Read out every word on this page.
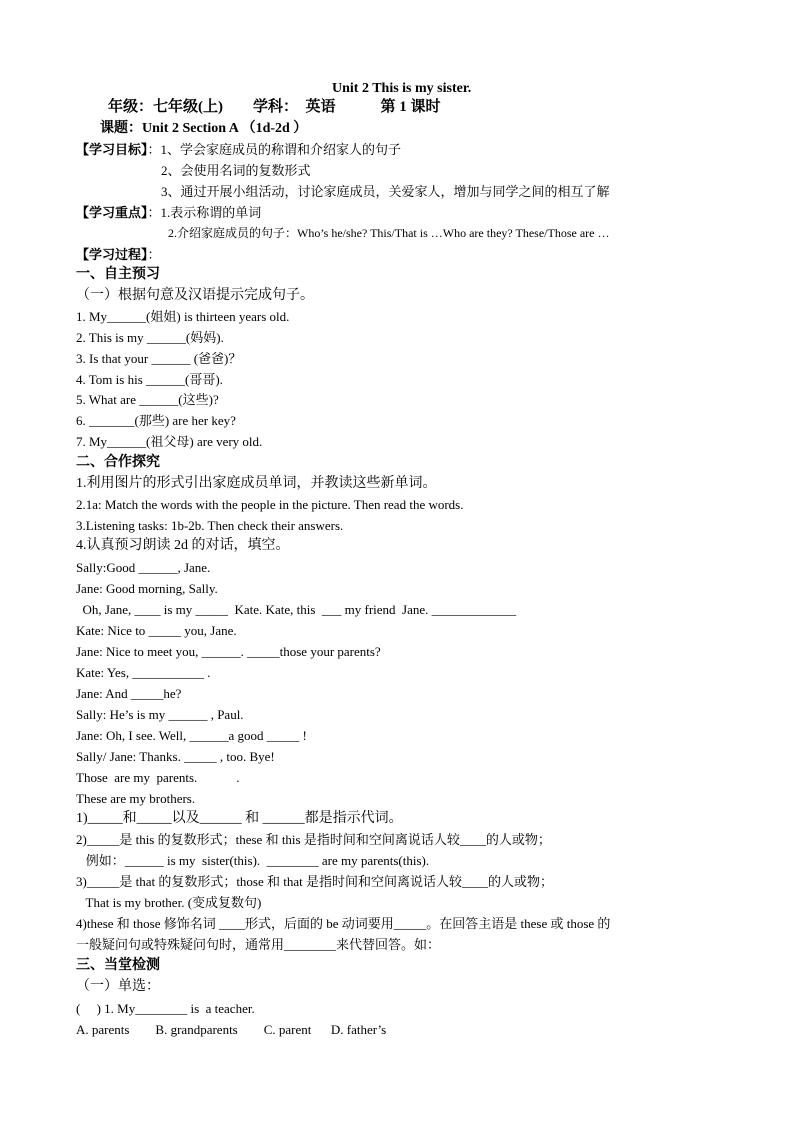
Unit 2 This is my sister.
年级：七年级(上)        学科：  英语            第 1 课时
课题：Unit 2 Section A （1d-2d ）
【学习目标】：1、学会家庭成员的称谓和介绍家人的句子
2、会使用名词的复数形式
3、通过开展小组活动，讨论家庭成员，关爱家人，增加与同学之间的相互了解
【学习重点】：1.表示称谓的单词
2.介绍家庭成员的句子：Who’s he/she? This/That is …Who are they? These/Those are …
【学习过程】：
一、自主预习
（一）根据句意及汉语提示完成句子。
1. My______(姐姐) is thirteen years old.
2. This is my ______(妈妈).
3. Is that your ______ (爸爸)？
4. Tom is his ______(哥哥).
5. What are ______(这些)?
6. _______(那些) are her key?
7. My______(祖父母) are very old.
二、合作探究
1.利用图片的形式引出家庭成员单词，并教读这些新单词。
2.1a: Match the words with the people in the picture. Then read the words.
3.Listening tasks: 1b-2b. Then check their answers.
4.认真预习朗读 2d 的对话，填空。
Sally:Good ______, Jane.
Jane: Good morning, Sally.
Oh, Jane, ____ is my _____  Kate. Kate, this  ___ my friend  Jane. _____________
Kate: Nice to _____ you, Jane.
Jane: Nice to meet you, ______. _____those your parents?
Kate: Yes, ___________ .
Jane: And _____he?
Sally: He’s is my ______ , Paul.
Jane: Oh, I see. Well, ______a good _____ !
Sally/ Jane: Thanks. _____ , too. Bye!
Those  are my  parents.            .
These are my brothers.
1)_____和_____以及______ 和 ______都是指示代词。
2)_____是 this 的复数形式；these 和 this 是指时间和空间离说话人较____的人或物；
例如：______ is my  sister(this).  ________ are my parents(this).
3)_____是 that 的复数形式；those 和 that 是指时间和空间离说话人较____的人或物；
That is my brother. (变成复数句)
4)these 和 those 修饰名词 ____形式，后面的 be 动词要用_____。在回答主语是 these 或 those 的
一般疑问句或特殊疑问句时，通常用________来代替回答。如：
三、当堂检测
（一）单选：
(     ) 1. My________ is  a teacher.
A. parents        B. grandparents        C. parent      D. father’s
